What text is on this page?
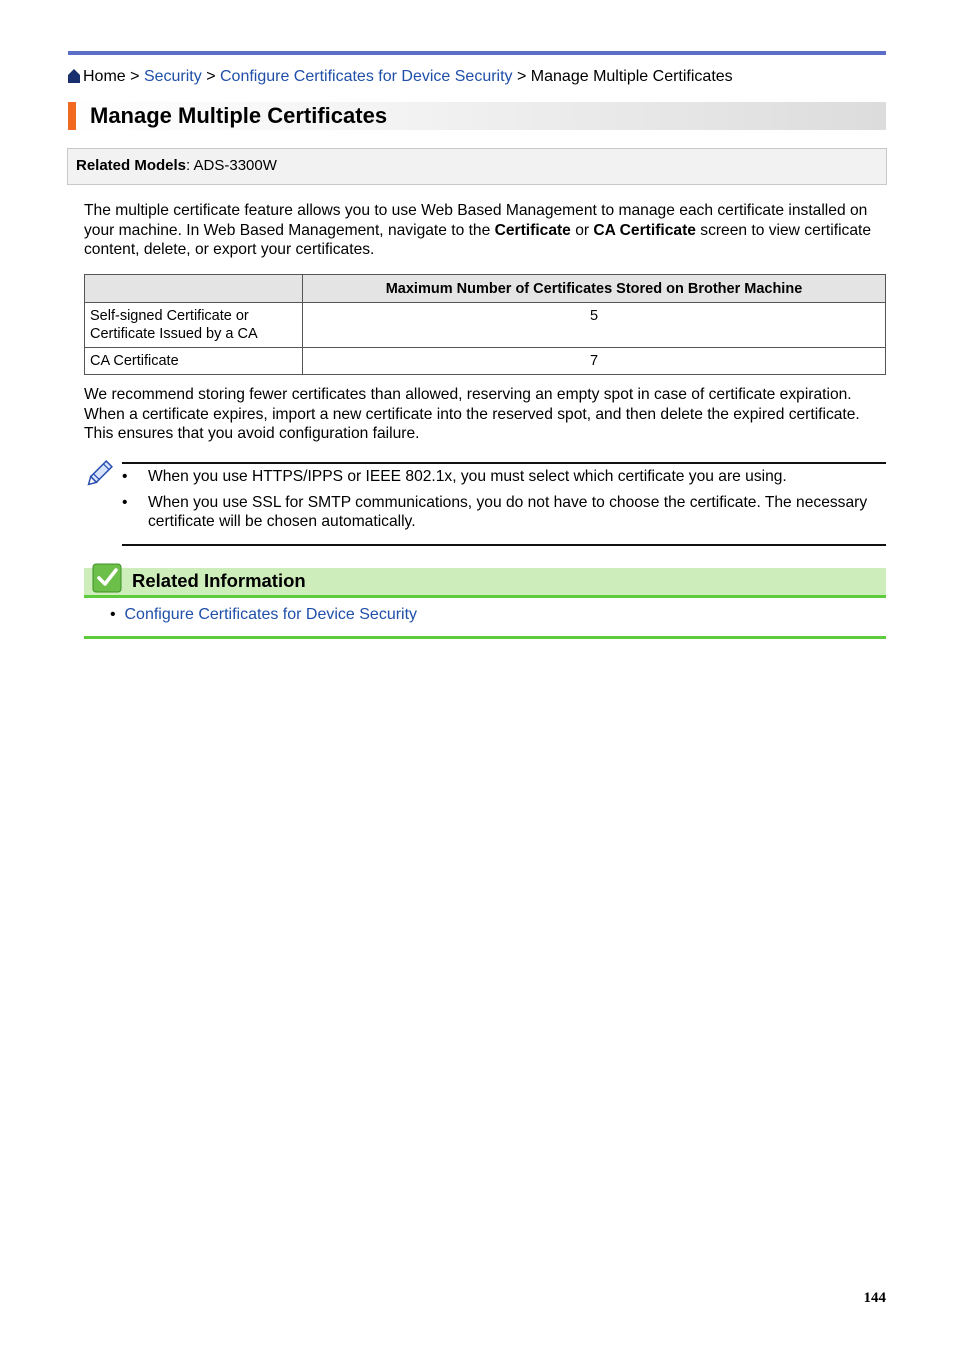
Home > Security > Configure Certificates for Device Security > Manage Multiple Certificates
Manage Multiple Certificates
Related Models: ADS-3300W

The multiple certificate feature allows you to use Web Based Management to manage each certificate installed on your machine. In Web Based Management, navigate to the Certificate or CA Certificate screen to view certificate content, delete, or export your certificates.

	Maximum Number of Certificates Stored on Brother Machine
Self-signed Certificate or
Certificate Issued by a CA	5
CA Certificate	7

We recommend storing fewer certificates than allowed, reserving an empty spot in case of certificate expiration. When a certificate expires, import a new certificate into the reserved spot, and then delete the expired certificate. This ensures that you avoid configuration failure.

• When you use HTTPS/IPPS or IEEE 802.1x, you must select which certificate you are using.
• When you use SSL for SMTP communications, you do not have to choose the certificate. The necessary certificate will be chosen automatically.
Related Information
• Configure Certificates for Device Security
144
